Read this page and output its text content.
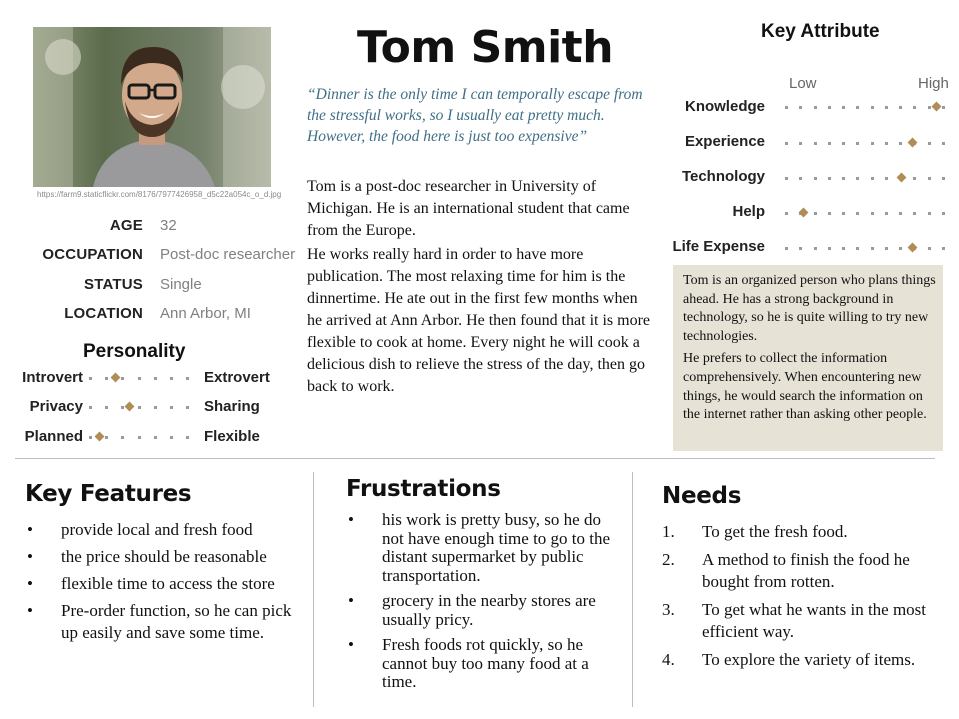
https://farm9.staticflickr.com/8176/7977426958_d5c22a054c_o_d.jpg
AGE 32
OCCUPATION Post-doc researcher
STATUS Single
LOCATION Ann Arbor, MI
Personality
Introvert	Extrovert
Privacy	Sharing
Planned	Flexible
Tom Smith
“Dinner is the only time I can temporally escape from the stressful works, so I usually eat pretty much. However, the food here is just too expensive”

Tom is a post-doc researcher in University of Michigan. He is an international student that came from the Europe.

He works really hard in order to have more publication. The most relaxing time for him is the dinnertime. He ate out in the first few months when he arrived at Ann Arbor. He then found that it is more flexible to cook at home. Every night he will cook a delicious dish to relieve the stress of the day, then go back to work.

Key Attribute
Low	High
Knowledge
Experience
Technology
Help
Life Expense

Tom is an organized person who plans things ahead. He has a strong background in technology, so he is quite willing to try new technologies.

He prefers to collect the information comprehensively. When encountering new things, he would search the information on the internet rather than asking other people.

Key Features
• provide local and fresh food
• the price should be reasonable
• flexible time to access the store
• Pre-order function, so he can pick up easily and save some time.
Frustrations
• his work is pretty busy, so he do not have enough time to go to the distant supermarket by public transportation.
• grocery in the nearby stores are usually pricy.
• Fresh foods rot quickly, so he cannot buy too many food at a time.
Needs
1. To get the fresh food.
2. A method to finish the food he bought from rotten.
3. To get what he wants in the most efficient way.
4. To explore the variety of items.
